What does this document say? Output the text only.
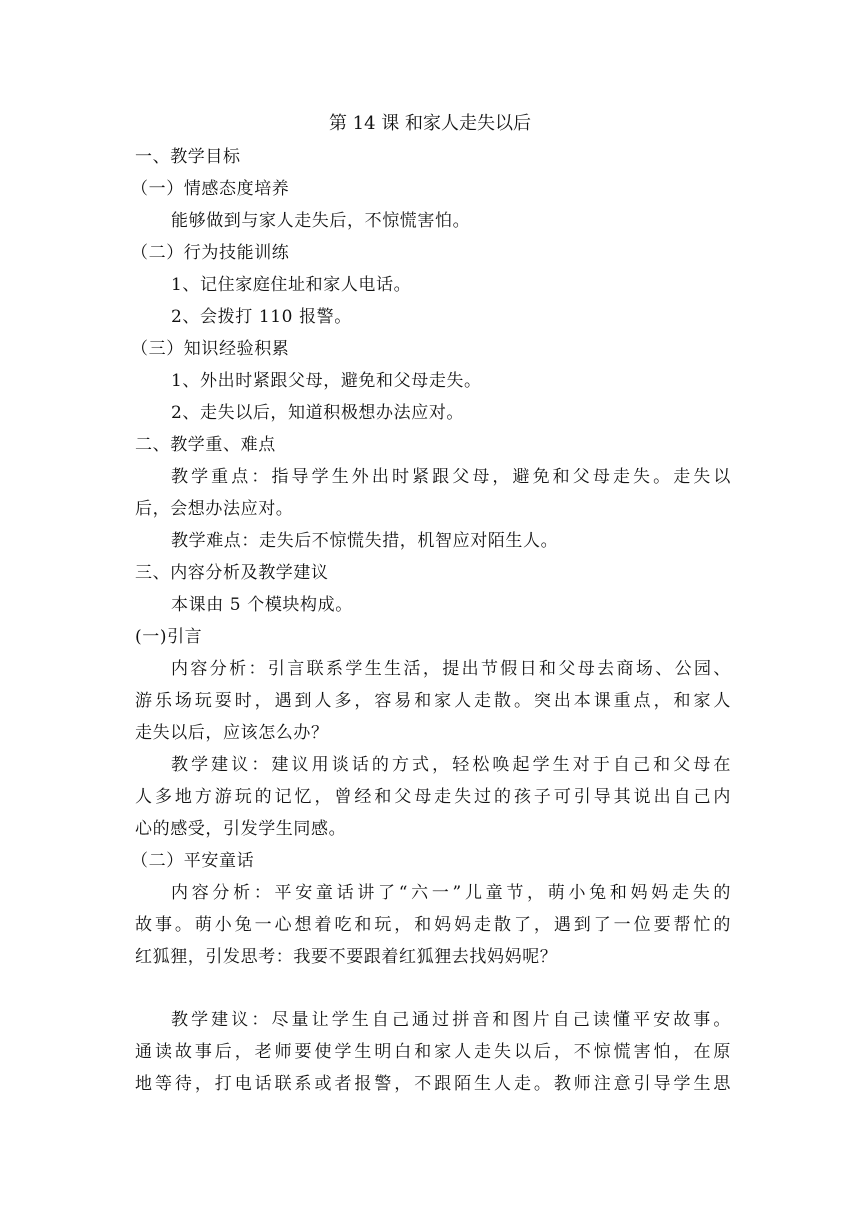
第 14 课 和家人走失以后
一、教学目标
（一）情感态度培养
能够做到与家人走失后，不惊慌害怕。
（二）行为技能训练
1、记住家庭住址和家人电话。
2、会拨打 110 报警。
（三）知识经验积累
1、外出时紧跟父母，避免和父母走失。
2、走失以后，知道积极想办法应对。
二、教学重、难点
教学重点：指导学生外出时紧跟父母，避免和父母走失。走失以
后，会想办法应对。
教学难点：走失后不惊慌失措，机智应对陌生人。
三、内容分析及教学建议
本课由 5 个模块构成。
(一)引言
内容分析：引言联系学生生活，提出节假日和父母去商场、公园、
游乐场玩耍时，遇到人多，容易和家人走散。突出本课重点，和家人
走失以后，应该怎么办？
教学建议：建议用谈话的方式，轻松唤起学生对于自己和父母在
人多地方游玩的记忆，曾经和父母走失过的孩子可引导其说出自己内
心的感受，引发学生同感。
（二）平安童话
内容分析：平安童话讲了“六一”儿童节，萌小兔和妈妈走失的
故事。萌小兔一心想着吃和玩，和妈妈走散了，遇到了一位要帮忙的
红狐狸，引发思考：我要不要跟着红狐狸去找妈妈呢？
教学建议：尽量让学生自己通过拼音和图片自己读懂平安故事。
通读故事后，老师要使学生明白和家人走失以后，不惊慌害怕，在原
地等待，打电话联系或者报警，不跟陌生人走。教师注意引导学生思
